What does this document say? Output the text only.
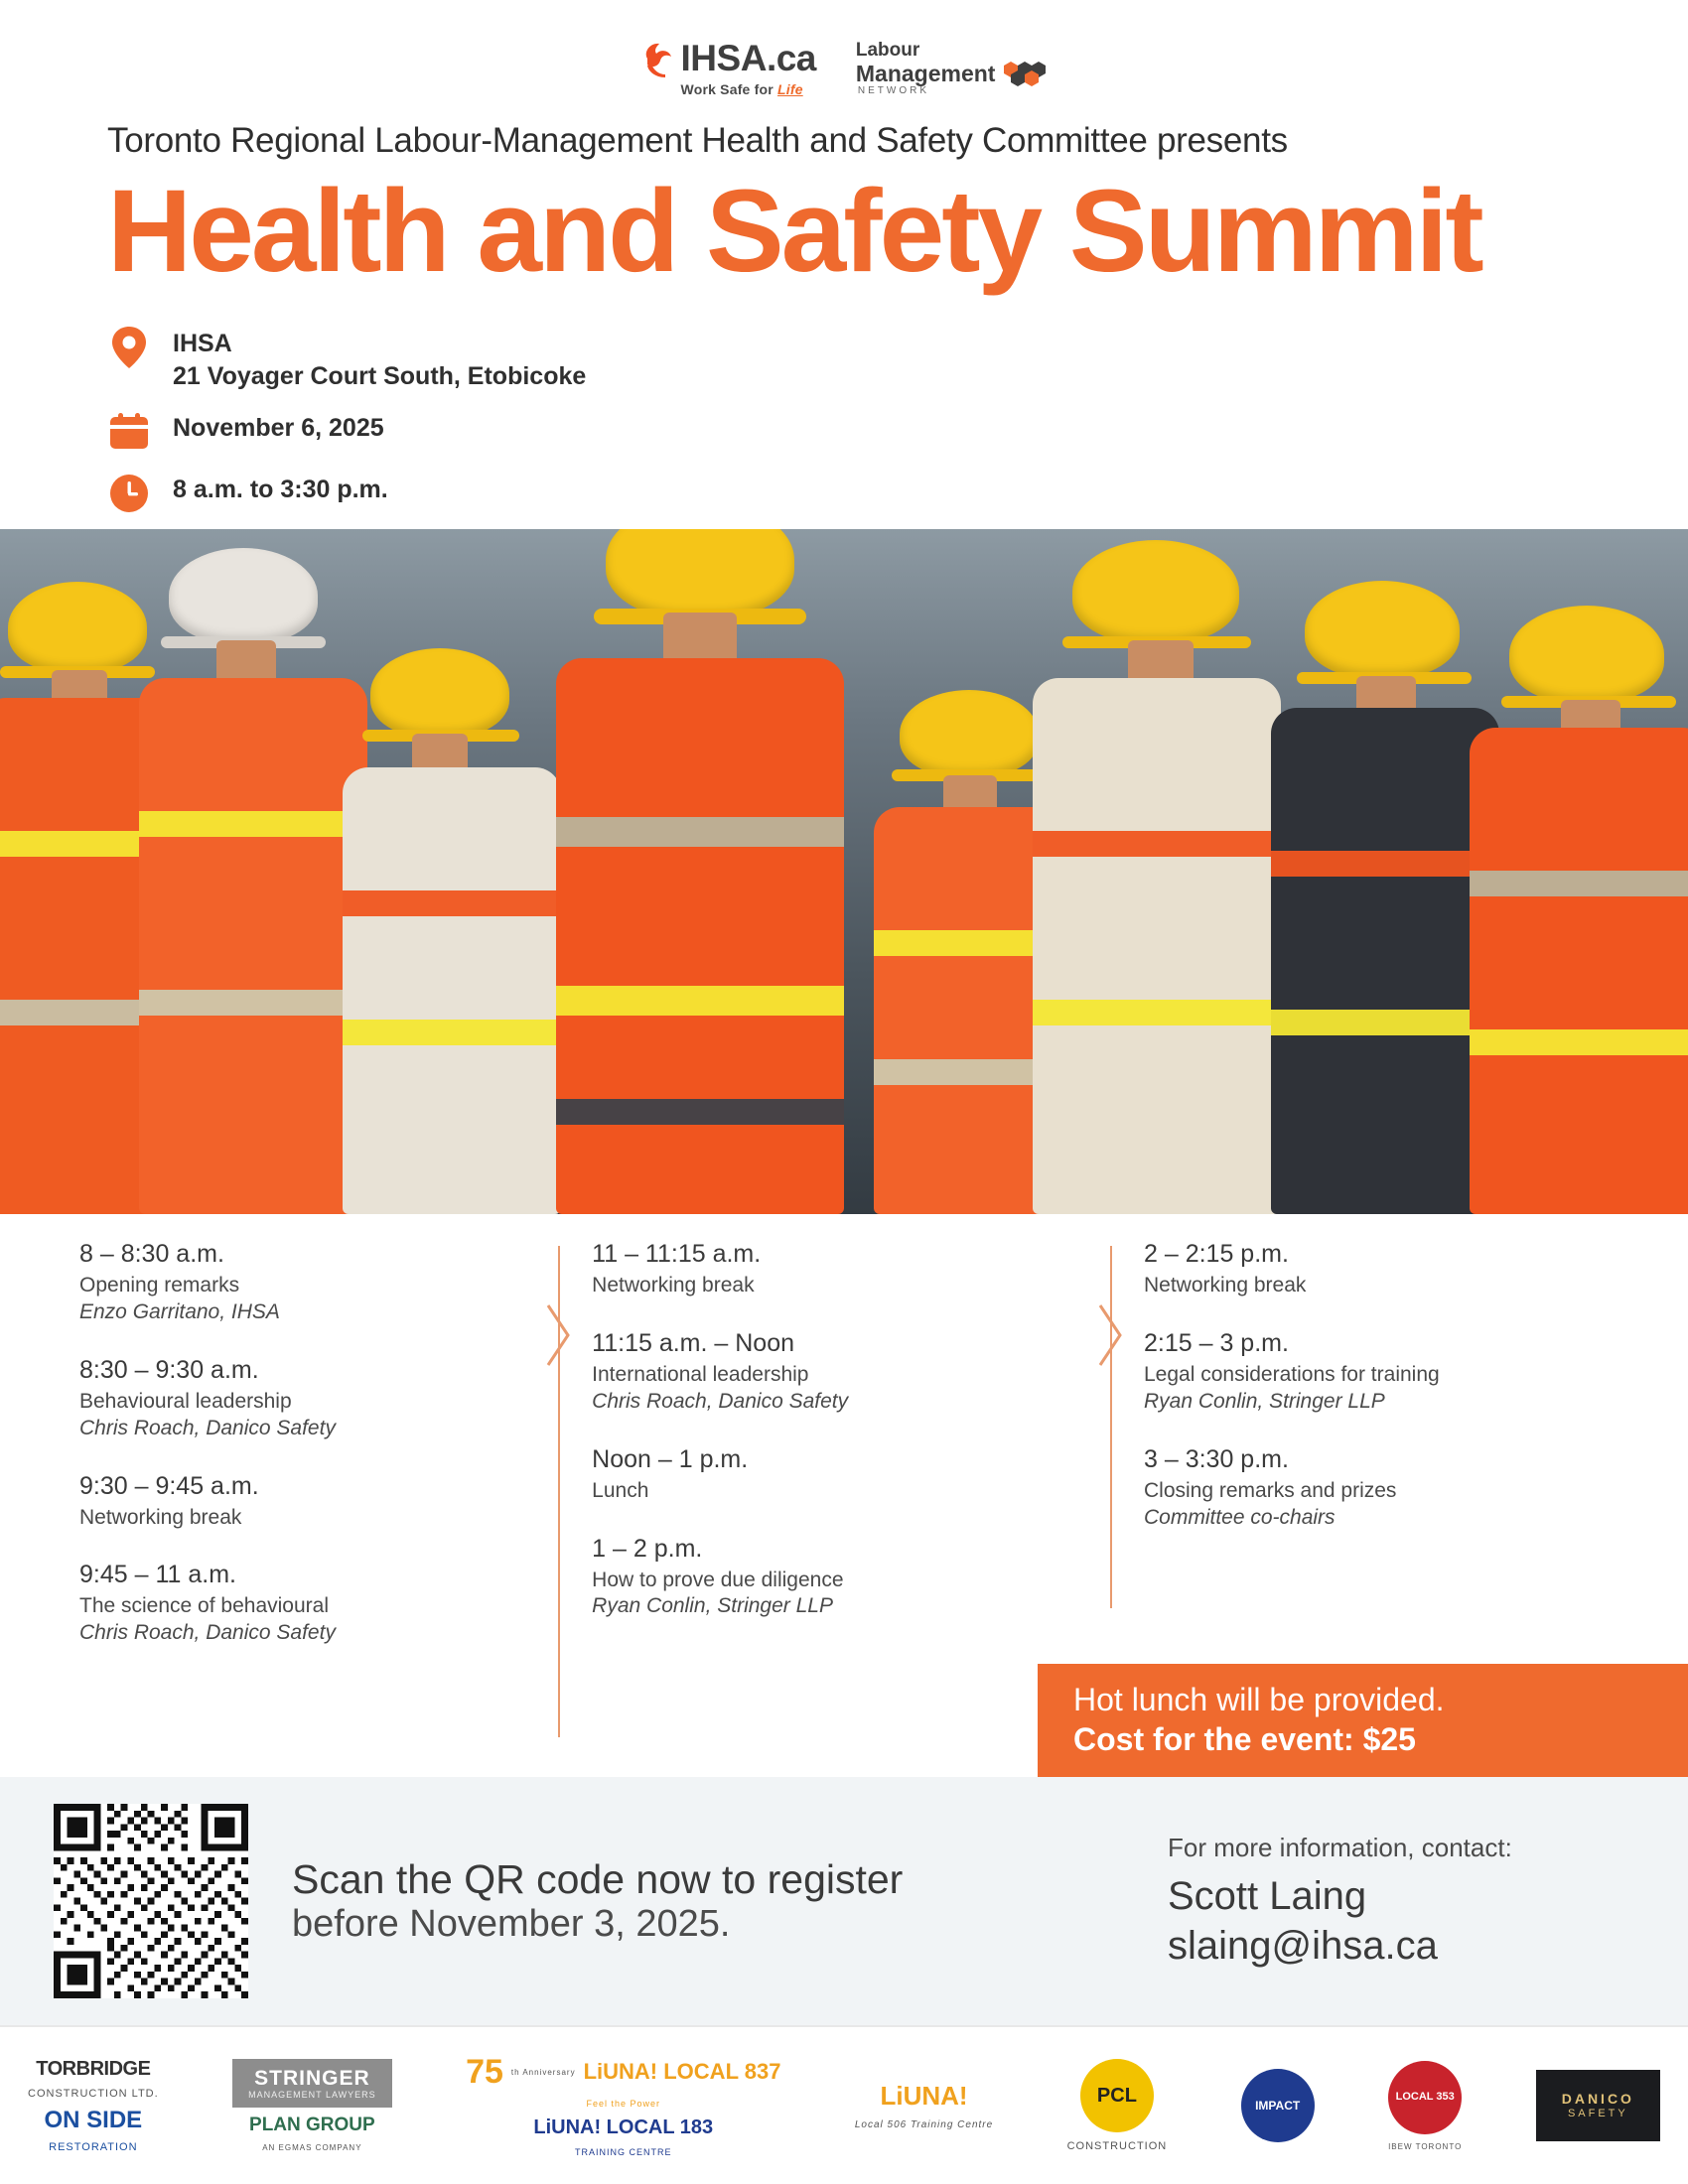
IHSA.ca
Work Safe for Life
Labour
Management
NETWORK
Toronto Regional Labour-Management Health and Safety Committee presents
Health and Safety Summit
IHSA
21 Voyager Court South, Etobicoke
November 6, 2025
8 a.m. to 3:30 p.m.
8 – 8:30 a.m.
Opening remarks
Enzo Garritano, IHSA
8:30 – 9:30 a.m.
Behavioural leadership
Chris Roach, Danico Safety
9:30 – 9:45 a.m.
Networking break
9:45 – 11 a.m.
The science of behavioural
Chris Roach, Danico Safety
11 – 11:15 a.m.
Networking break
11:15 a.m. – Noon
International leadership
Chris Roach, Danico Safety
Noon – 1 p.m.
Lunch
1 – 2 p.m.
How to prove due diligence
Ryan Conlin, Stringer LLP
2 – 2:15 p.m.
Networking break
2:15 – 3 p.m.
Legal considerations for training
Ryan Conlin, Stringer LLP
3 – 3:30 p.m.
Closing remarks and prizes
Committee co-chairs
Hot lunch will be provided.
Cost for the event: $25
Scan the QR code now to register
before November 3, 2025.
For more information, contact:
Scott Laing
slaing@ihsa.ca
TORBRIDGE
CONSTRUCTION LTD.
ON SIDE
RESTORATION
STRINGER
MANAGEMENT LAWYERS
PLAN GROUP
AN EGMAS COMPANY
75 th Anniversary LiUNA! LOCAL 837
Feel the Power
LiUNA! LOCAL 183
TRAINING CENTRE
LiUNA!
Local 506 Training Centre
PCL
CONSTRUCTION
IMPACT
LOCAL 353
IBEW TORONTO
DANICO
SAFETY
